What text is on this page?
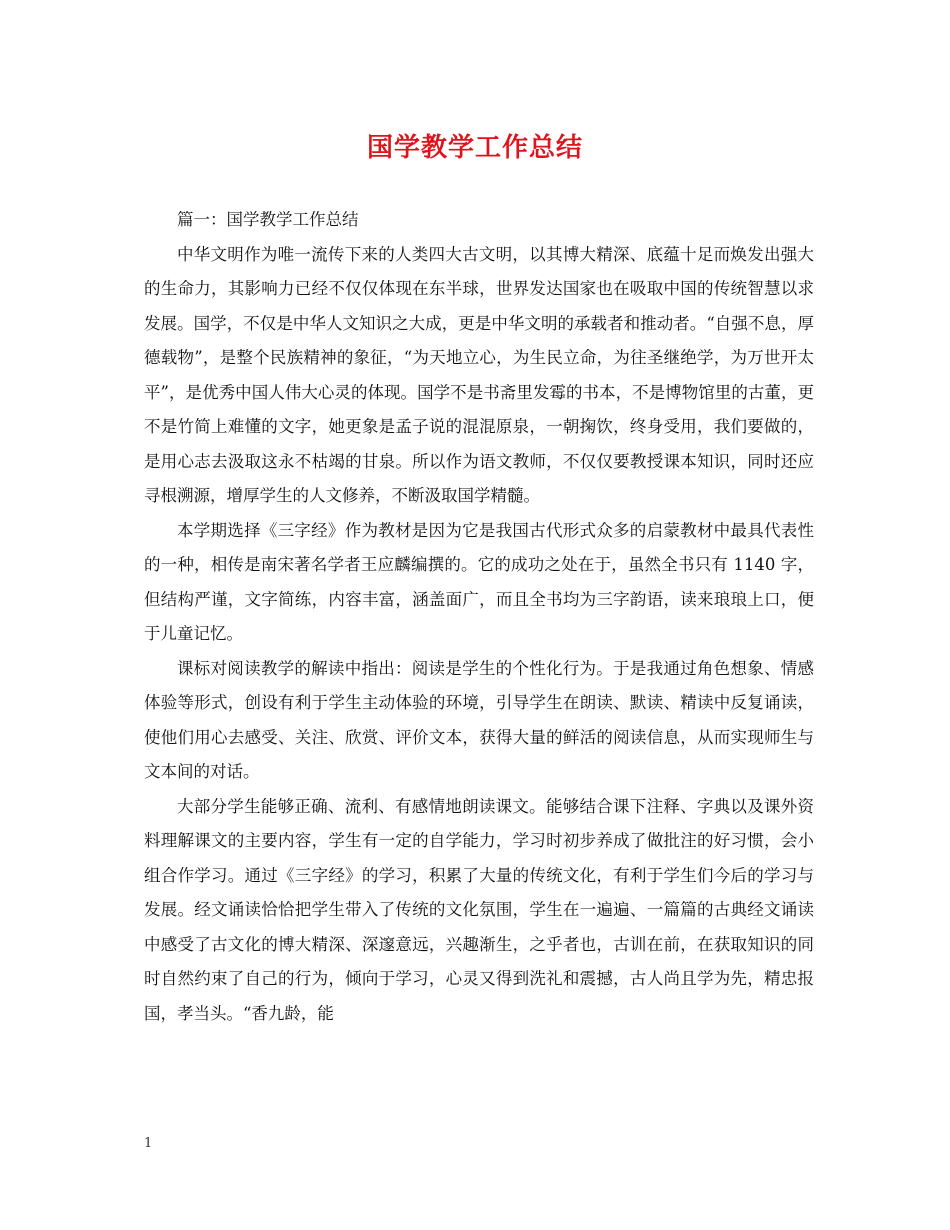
国学教学工作总结

篇一：国学教学工作总结

中华文明作为唯一流传下来的人类四大古文明，以其博大精深、底蕴十足而焕发出强大的生命力，其影响力已经不仅仅体现在东半球，世界发达国家也在吸取中国的传统智慧以求发展。国学，不仅是中华人文知识之大成，更是中华文明的承载者和推动者。“自强不息，厚德载物”，是整个民族精神的象征，“为天地立心，为生民立命，为往圣继绝学，为万世开太平”，是优秀中国人伟大心灵的体现。国学不是书斋里发霉的书本，不是博物馆里的古董，更不是竹简上难懂的文字，她更象是孟子说的混混原泉，一朝掬饮，终身受用，我们要做的，是用心志去汲取这永不枯竭的甘泉。所以作为语文教师，不仅仅要教授课本知识，同时还应寻根溯源，增厚学生的人文修养，不断汲取国学精髓。

本学期选择《三字经》作为教材是因为它是我国古代形式众多的启蒙教材中最具代表性的一种，相传是南宋著名学者王应麟编撰的。它的成功之处在于，虽然全书只有 1140 字，但结构严谨，文字简练，内容丰富，涵盖面广，而且全书均为三字韵语，读来琅琅上口，便于儿童记忆。

课标对阅读教学的解读中指出：阅读是学生的个性化行为。于是我通过角色想象、情感体验等形式，创设有利于学生主动体验的环境，引导学生在朗读、默读、精读中反复诵读，使他们用心去感受、关注、欣赏、评价文本，获得大量的鲜活的阅读信息，从而实现师生与文本间的对话。

大部分学生能够正确、流利、有感情地朗读课文。能够结合课下注释、字典以及课外资料理解课文的主要内容，学生有一定的自学能力，学习时初步养成了做批注的好习惯，会小组合作学习。通过《三字经》的学习，积累了大量的传统文化，有利于学生们今后的学习与发展。经文诵读恰恰把学生带入了传统的文化氛围，学生在一遍遍、一篇篇的古典经文诵读中感受了古文化的博大精深、深邃意远，兴趣渐生，之乎者也，古训在前，在获取知识的同时自然约束了自己的行为，倾向于学习，心灵又得到洗礼和震撼，古人尚且学为先，精忠报国，孝当头。“香九龄，能

1
